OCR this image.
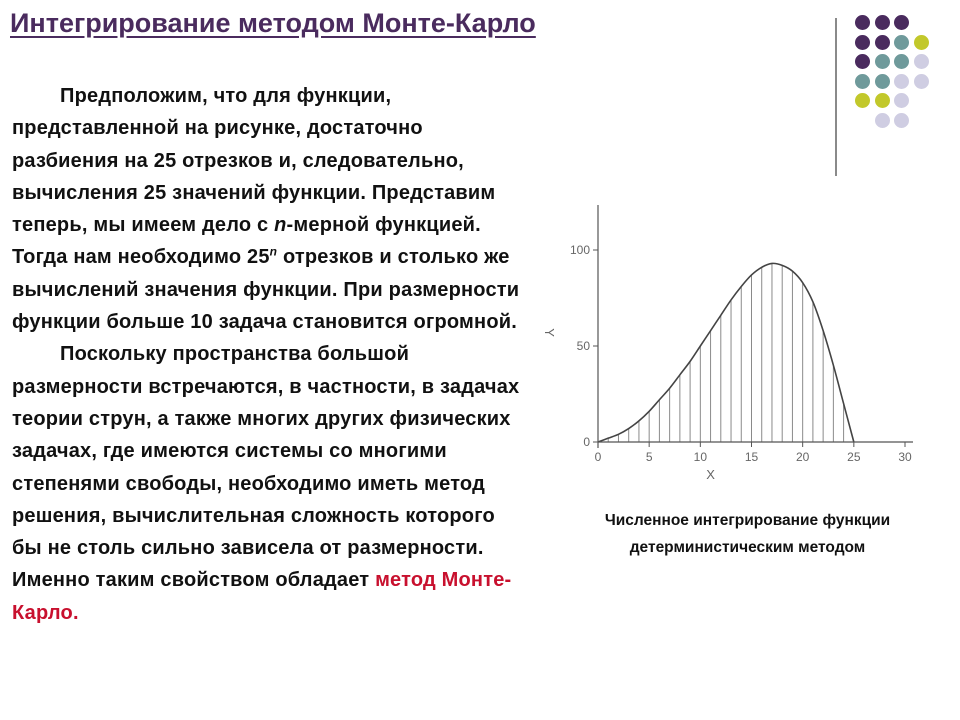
Интегрирование методом Монте-Карло

Предположим, что для функции, представленной на рисунке, достаточно разбиения на 25 отрезков и, следовательно, вычисления 25 значений функции. Представим теперь, мы имеем дело с n-мерной функцией. Тогда нам необходимо 25$^n$ отрезков и столько же вычислений значения функции. При размерности функции больше 10 задача становится огромной.

Поскольку пространства большой размерности встречаются, в частности, в задачах теории струн, а также многих других физических задачах, где имеются системы со многими степенями свободы, необходимо иметь метод решения, вычислительная сложность которого бы не столь сильно зависела от размерности. Именно таким свойством обладает метод Монте-Карло.

0	5	10	15	20	25	30
0
50
100
X
Y
Численное интегрирование функции
детерминистическим методом
